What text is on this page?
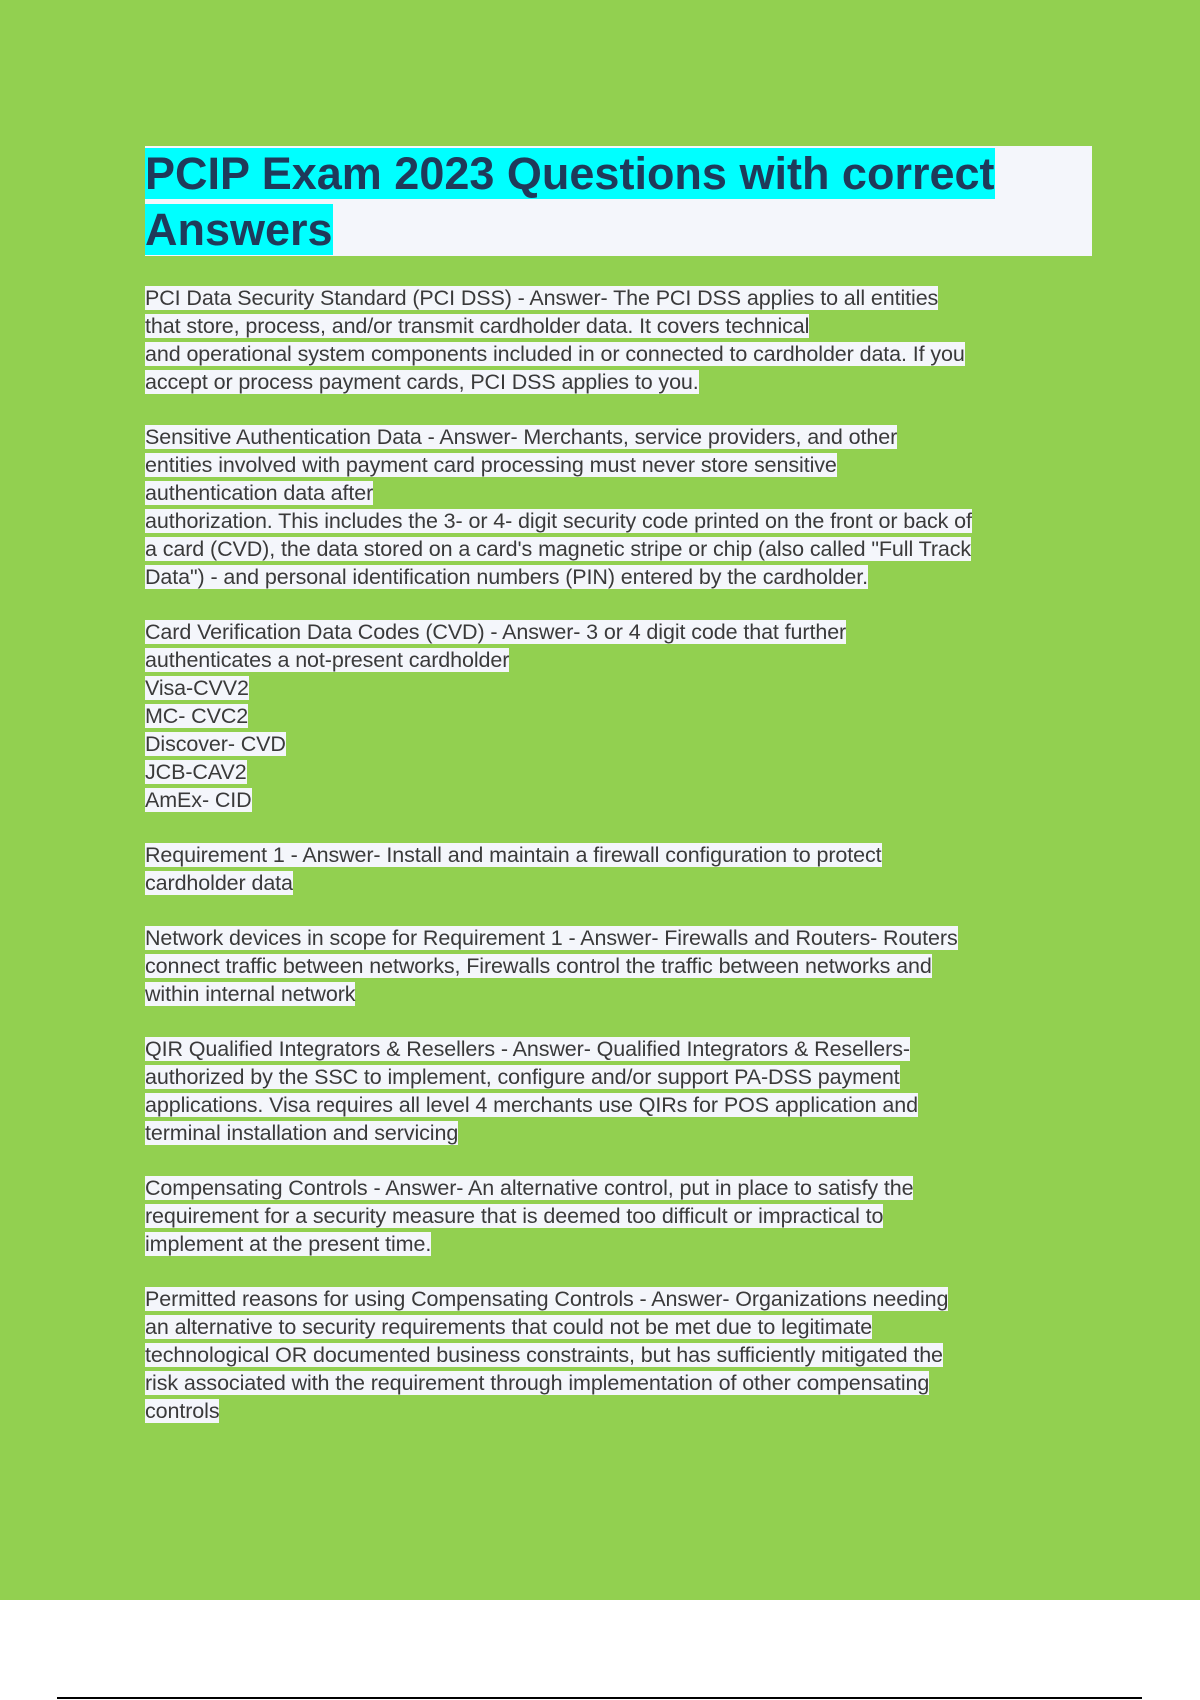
PCIP Exam 2023 Questions with correct
Answers
PCI Data Security Standard (PCI DSS) - Answer- The PCI DSS applies to all entities
that store, process, and/or transmit cardholder data. It covers technical
and operational system components included in or connected to cardholder data. If you
accept or process payment cards, PCI DSS applies to you.
Sensitive Authentication Data - Answer- Merchants, service providers, and other
entities involved with payment card processing must never store sensitive
authentication data after
authorization. This includes the 3- or 4- digit security code printed on the front or back of
a card (CVD), the data stored on a card's magnetic stripe or chip (also called "Full Track
Data") - and personal identification numbers (PIN) entered by the cardholder.
Card Verification Data Codes (CVD) - Answer- 3 or 4 digit code that further
authenticates a not-present cardholder
Visa-CVV2
MC- CVC2
Discover- CVD
JCB-CAV2
AmEx- CID
Requirement 1 - Answer- Install and maintain a firewall configuration to protect
cardholder data
Network devices in scope for Requirement 1 - Answer- Firewalls and Routers- Routers
connect traffic between networks, Firewalls control the traffic between networks and
within internal network
QIR Qualified Integrators & Resellers - Answer- Qualified Integrators & Resellers-
authorized by the SSC to implement, configure and/or support PA-DSS payment
applications. Visa requires all level 4 merchants use QIRs for POS application and
terminal installation and servicing
Compensating Controls - Answer- An alternative control, put in place to satisfy the
requirement for a security measure that is deemed too difficult or impractical to
implement at the present time.
Permitted reasons for using Compensating Controls - Answer- Organizations needing
an alternative to security requirements that could not be met due to legitimate
technological OR documented business constraints, but has sufficiently mitigated the
risk associated with the requirement through implementation of other compensating
controls
